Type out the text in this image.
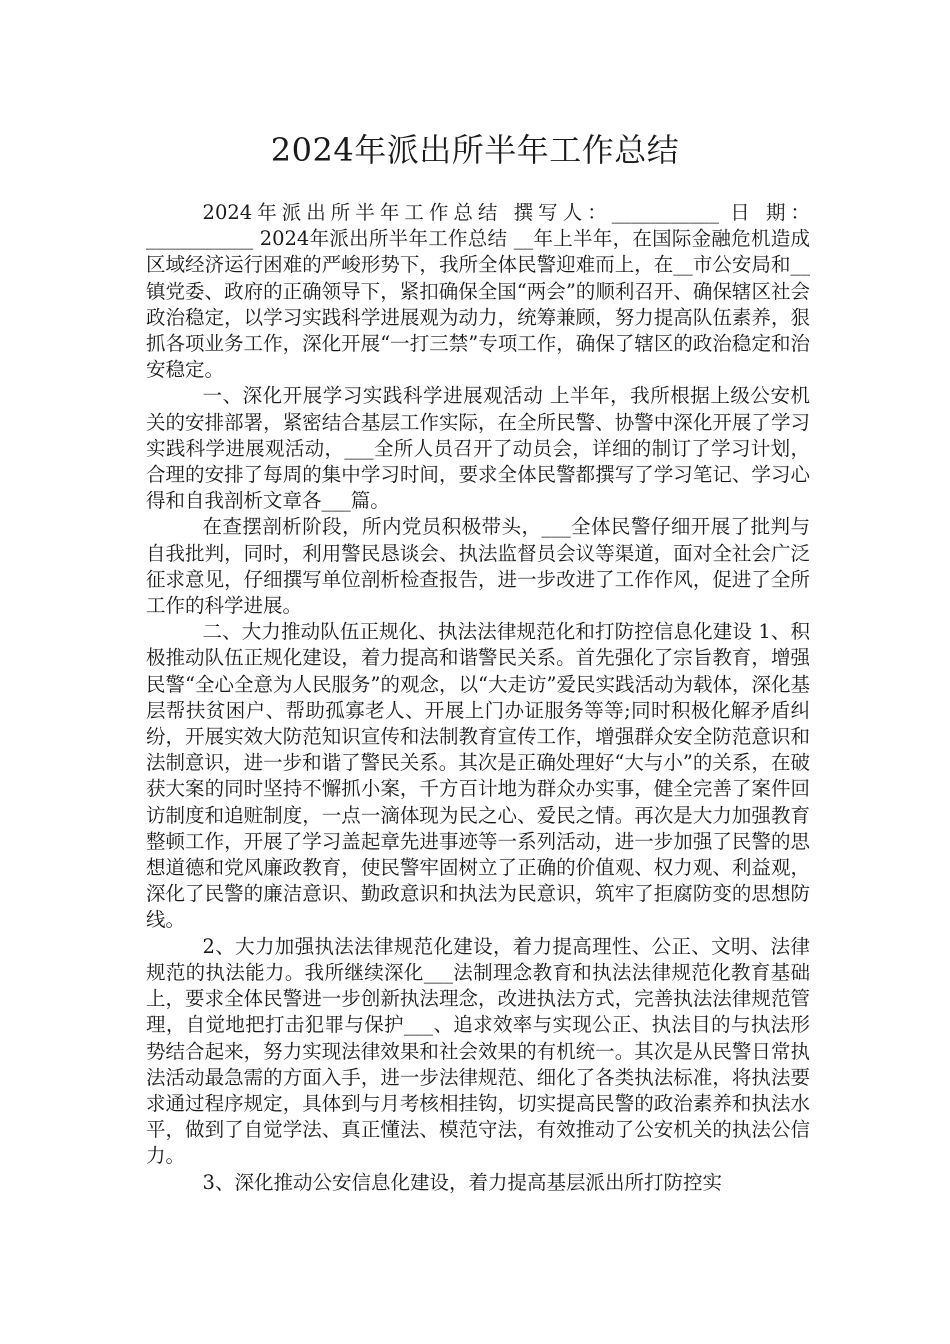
2024年派出所半年工作总结

2024年派出所半年工作总结 撰写人：___________ 日 期：___________ 2024年派出所半年工作总结 __年上半年，在国际金融危机造成区域经济运行困难的严峻形势下，我所全体民警迎难而上，在__市公安局和__镇党委、政府的正确领导下，紧扣确保全国“两会”的顺利召开、确保辖区社会政治稳定，以学习实践科学进展观为动力，统筹兼顾，努力提高队伍素养，狠抓各项业务工作，深化开展“一打三禁”专项工作，确保了辖区的政治稳定和治安稳定。

一、深化开展学习实践科学进展观活动 上半年，我所根据上级公安机关的安排部署，紧密结合基层工作实际，在全所民警、协警中深化开展了学习实践科学进展观活动，___全所人员召开了动员会，详细的制订了学习计划，合理的安排了每周的集中学习时间，要求全体民警都撰写了学习笔记、学习心得和自我剖析文章各___篇。

在查摆剖析阶段，所内党员积极带头，___全体民警仔细开展了批判与自我批判，同时，利用警民恳谈会、执法监督员会议等渠道，面对全社会广泛征求意见，仔细撰写单位剖析检查报告，进一步改进了工作作风，促进了全所工作的科学进展。

二、大力推动队伍正规化、执法法律规范化和打防控信息化建设 1、积极推动队伍正规化建设，着力提高和谐警民关系。首先强化了宗旨教育，增强民警“全心全意为人民服务”的观念，以“大走访”爱民实践活动为载体，深化基层帮扶贫困户、帮助孤寡老人、开展上门办证服务等等;同时积极化解矛盾纠纷，开展实效大防范知识宣传和法制教育宣传工作，增强群众安全防范意识和法制意识，进一步和谐了警民关系。其次是正确处理好“大与小”的关系，在破获大案的同时坚持不懈抓小案，千方百计地为群众办实事，健全完善了案件回访制度和追赃制度，一点一滴体现为民之心、爱民之情。再次是大力加强教育整顿工作，开展了学习盖起章先进事迹等一系列活动，进一步加强了民警的思想道德和党风廉政教育，使民警牢固树立了正确的价值观、权力观、利益观，深化了民警的廉洁意识、勤政意识和执法为民意识，筑牢了拒腐防变的思想防线。

2、大力加强执法法律规范化建设，着力提高理性、公正、文明、法律规范的执法能力。我所继续深化___法制理念教育和执法法律规范化教育基础上，要求全体民警进一步创新执法理念，改进执法方式，完善执法法律规范管理，自觉地把打击犯罪与保护___、追求效率与实现公正、执法目的与执法形势结合起来，努力实现法律效果和社会效果的有机统一。其次是从民警日常执法活动最急需的方面入手，进一步法律规范、细化了各类执法标准，将执法要求通过程序规定，具体到与月考核相挂钩，切实提高民警的政治素养和执法水平，做到了自觉学法、真正懂法、模范守法，有效推动了公安机关的执法公信力。

3、深化推动公安信息化建设，着力提高基层派出所打防控实
